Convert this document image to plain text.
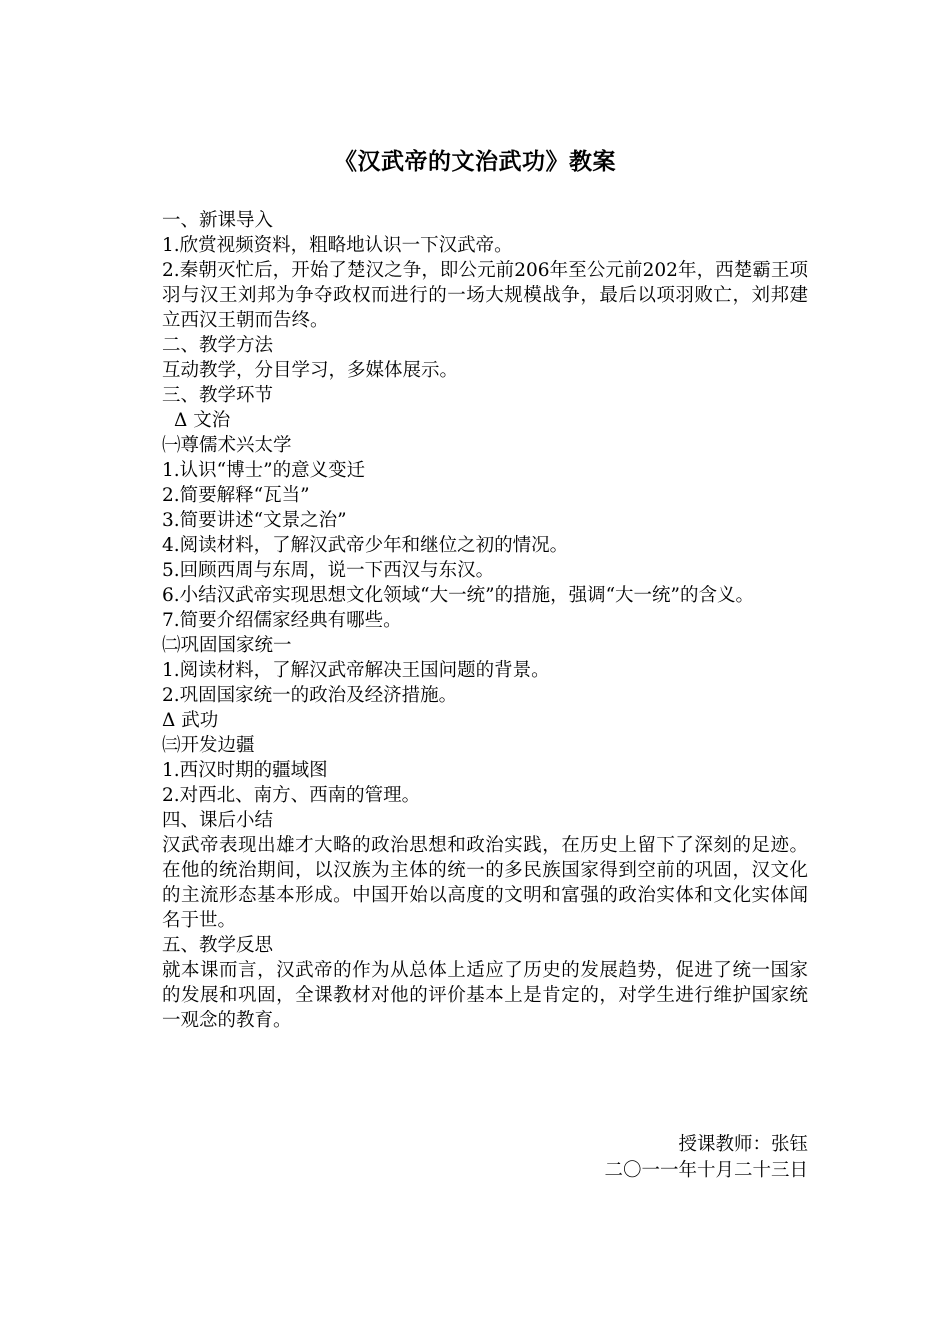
《汉武帝的文治武功》教案

一、新课导入

1.欣赏视频资料，粗略地认识一下汉武帝。

2.秦朝灭忙后，开始了楚汉之争，即公元前206年至公元前202年，西楚霸王项羽与汉王刘邦为争夺政权而进行的一场大规模战争，最后以项羽败亡，刘邦建立西汉王朝而告终。

二、教学方法

互动教学，分目学习，多媒体展示。

三、教学环节

Δ 文治

㈠尊儒术兴太学

1.认识“博士”的意义变迁

2.简要解释“瓦当”

3.简要讲述“文景之治”

4.阅读材料，了解汉武帝少年和继位之初的情况。

5.回顾西周与东周，说一下西汉与东汉。

6.小结汉武帝实现思想文化领域“大一统”的措施，强调“大一统”的含义。

7.简要介绍儒家经典有哪些。

㈡巩固国家统一

1.阅读材料，了解汉武帝解决王国问题的背景。

2.巩固国家统一的政治及经济措施。

Δ 武功

㈢开发边疆

1.西汉时期的疆域图

2.对西北、南方、西南的管理。

四、课后小结

汉武帝表现出雄才大略的政治思想和政治实践，在历史上留下了深刻的足迹。在他的统治期间，以汉族为主体的统一的多民族国家得到空前的巩固，汉文化的主流形态基本形成。中国开始以高度的文明和富强的政治实体和文化实体闻名于世。

五、教学反思

就本课而言，汉武帝的作为从总体上适应了历史的发展趋势，促进了统一国家的发展和巩固，全课教材对他的评价基本上是肯定的，对学生进行维护国家统一观念的教育。

授课教师：张钰
二〇一一年十月二十三日
